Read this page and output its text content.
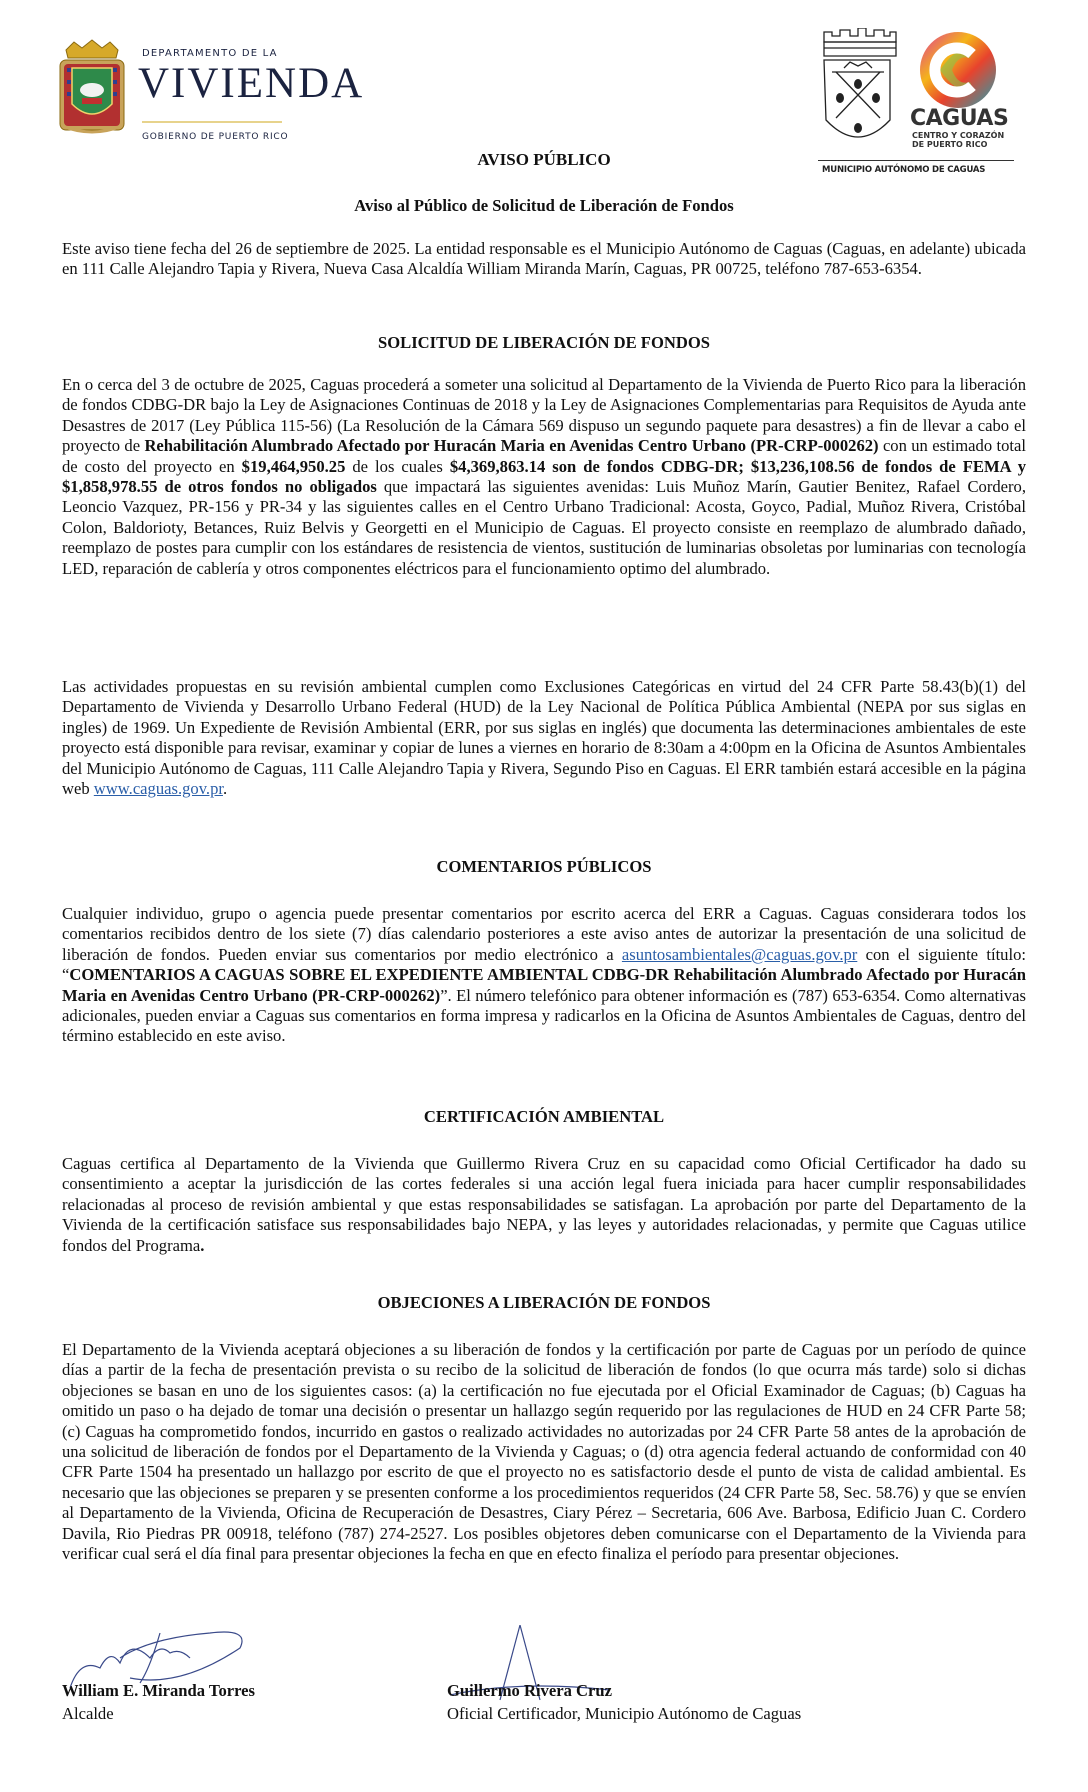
DEPARTAMENTO DE LA
VIVIENDA
GOBIERNO DE PUERTO RICO
CAGUAS
CENTRO Y CORAZÓN
DE PUERTO RICO
MUNICIPIO AUTÓNOMO DE CAGUAS
AVISO PÚBLICO
Aviso al Público de Solicitud de Liberación de Fondos
Este aviso tiene fecha del 26 de septiembre de 2025. La entidad responsable es el Municipio Autónomo de Caguas (Caguas, en adelante) ubicada en 111 Calle Alejandro Tapia y Rivera, Nueva Casa Alcaldía William Miranda Marín, Caguas, PR 00725, teléfono 787-653-6354.
SOLICITUD DE LIBERACIÓN DE FONDOS
En o cerca del 3 de octubre de 2025, Caguas procederá a someter una solicitud al Departamento de la Vivienda de Puerto Rico para la liberación de fondos CDBG-DR bajo la Ley de Asignaciones Continuas de 2018 y la Ley de Asignaciones Complementarias para Requisitos de Ayuda ante Desastres de 2017 (Ley Pública 115-56) (La Resolución de la Cámara 569 dispuso un segundo paquete para desastres) a fin de llevar a cabo el proyecto de Rehabilitación Alumbrado Afectado por Huracán Maria en Avenidas Centro Urbano (PR-CRP-000262) con un estimado total de costo del proyecto en $19,464,950.25 de los cuales $4,369,863.14 son de fondos CDBG-DR; $13,236,108.56 de fondos de FEMA y $1,858,978.55 de otros fondos no obligados que impactará las siguientes avenidas: Luis Muñoz Marín, Gautier Benitez, Rafael Cordero, Leoncio Vazquez, PR-156 y PR-34 y las siguientes calles en el Centro Urbano Tradicional: Acosta, Goyco, Padial, Muñoz Rivera, Cristóbal Colon, Baldorioty, Betances, Ruiz Belvis y Georgetti en el Municipio de Caguas. El proyecto consiste en reemplazo de alumbrado dañado, reemplazo de postes para cumplir con los estándares de resistencia de vientos, sustitución de luminarias obsoletas por luminarias con tecnología LED, reparación de cablería y otros componentes eléctricos para el funcionamiento optimo del alumbrado.
Las actividades propuestas en su revisión ambiental cumplen como Exclusiones Categóricas en virtud del 24 CFR Parte 58.43(b)(1) del Departamento de Vivienda y Desarrollo Urbano Federal (HUD) de la Ley Nacional de Política Pública Ambiental (NEPA por sus siglas en ingles) de 1969. Un Expediente de Revisión Ambiental (ERR, por sus siglas en inglés) que documenta las determinaciones ambientales de este proyecto está disponible para revisar, examinar y copiar de lunes a viernes en horario de 8:30am a 4:00pm en la Oficina de Asuntos Ambientales del Municipio Autónomo de Caguas, 111 Calle Alejandro Tapia y Rivera, Segundo Piso en Caguas. El ERR también estará accesible en la página web www.caguas.gov.pr.
COMENTARIOS PÚBLICOS
Cualquier individuo, grupo o agencia puede presentar comentarios por escrito acerca del ERR a Caguas. Caguas considerara todos los comentarios recibidos dentro de los siete (7) días calendario posteriores a este aviso antes de autorizar la presentación de una solicitud de liberación de fondos. Pueden enviar sus comentarios por medio electrónico a asuntosambientales@caguas.gov.pr con el siguiente título: “COMENTARIOS A CAGUAS SOBRE EL EXPEDIENTE AMBIENTAL CDBG-DR Rehabilitación Alumbrado Afectado por Huracán Maria en Avenidas Centro Urbano (PR-CRP-000262)”. El número telefónico para obtener información es (787) 653-6354. Como alternativas adicionales, pueden enviar a Caguas sus comentarios en forma impresa y radicarlos en la Oficina de Asuntos Ambientales de Caguas, dentro del término establecido en este aviso.
CERTIFICACIÓN AMBIENTAL
Caguas certifica al Departamento de la Vivienda que Guillermo Rivera Cruz en su capacidad como Oficial Certificador ha dado su consentimiento a aceptar la jurisdicción de las cortes federales si una acción legal fuera iniciada para hacer cumplir responsabilidades relacionadas al proceso de revisión ambiental y que estas responsabilidades se satisfagan. La aprobación por parte del Departamento de la Vivienda de la certificación satisface sus responsabilidades bajo NEPA, y las leyes y autoridades relacionadas, y permite que Caguas utilice fondos del Programa.
OBJECIONES A LIBERACIÓN DE FONDOS
El Departamento de la Vivienda aceptará objeciones a su liberación de fondos y la certificación por parte de Caguas por un período de quince días a partir de la fecha de presentación prevista o su recibo de la solicitud de liberación de fondos (lo que ocurra más tarde) solo si dichas objeciones se basan en uno de los siguientes casos: (a) la certificación no fue ejecutada por el Oficial Examinador de Caguas; (b) Caguas ha omitido un paso o ha dejado de tomar una decisión o presentar un hallazgo según requerido por las regulaciones de HUD en 24 CFR Parte 58; (c) Caguas ha comprometido fondos, incurrido en gastos o realizado actividades no autorizadas por 24 CFR Parte 58 antes de la aprobación de una solicitud de liberación de fondos por el Departamento de la Vivienda y Caguas; o (d) otra agencia federal actuando de conformidad con 40 CFR Parte 1504 ha presentado un hallazgo por escrito de que el proyecto no es satisfactorio desde el punto de vista de calidad ambiental. Es necesario que las objeciones se preparen y se presenten conforme a los procedimientos requeridos (24 CFR Parte 58, Sec. 58.76) y que se envíen al Departamento de la Vivienda, Oficina de Recuperación de Desastres, Ciary Pérez – Secretaria, 606 Ave. Barbosa, Edificio Juan C. Cordero Davila, Rio Piedras PR 00918, teléfono (787) 274-2527. Los posibles objetores deben comunicarse con el Departamento de la Vivienda para verificar cual será el día final para presentar objeciones la fecha en que en efecto finaliza el período para presentar objeciones.
William E. Miranda Torres
Alcalde
Guillermo Rivera Cruz
Oficial Certificador, Municipio Autónomo de Caguas
